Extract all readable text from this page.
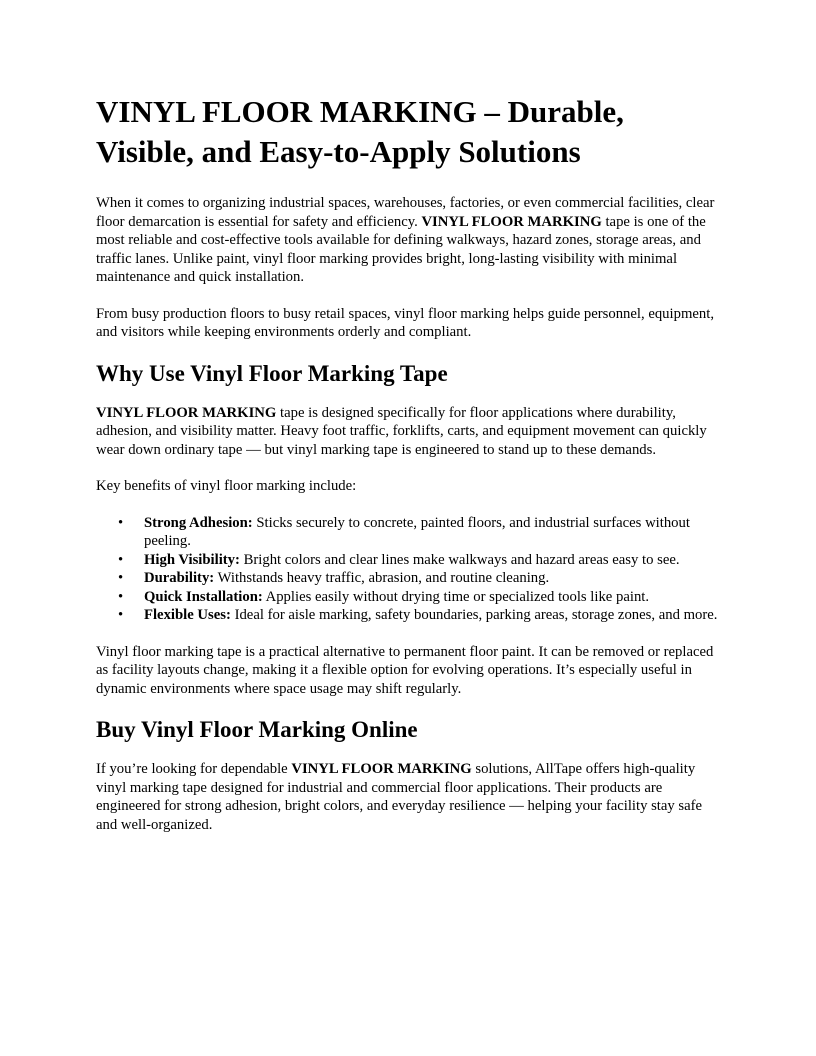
VINYL FLOOR MARKING – Durable, Visible, and Easy-to-Apply Solutions

When it comes to organizing industrial spaces, warehouses, factories, or even commercial facilities, clear floor demarcation is essential for safety and efficiency. VINYL FLOOR MARKING tape is one of the most reliable and cost-effective tools available for defining walkways, hazard zones, storage areas, and traffic lanes. Unlike paint, vinyl floor marking provides bright, long-lasting visibility with minimal maintenance and quick installation.

From busy production floors to busy retail spaces, vinyl floor marking helps guide personnel, equipment, and visitors while keeping environments orderly and compliant.

Why Use Vinyl Floor Marking Tape

VINYL FLOOR MARKING tape is designed specifically for floor applications where durability, adhesion, and visibility matter. Heavy foot traffic, forklifts, carts, and equipment movement can quickly wear down ordinary tape — but vinyl marking tape is engineered to stand up to these demands.

Key benefits of vinyl floor marking include:

• Strong Adhesion: Sticks securely to concrete, painted floors, and industrial surfaces without peeling.
• High Visibility: Bright colors and clear lines make walkways and hazard areas easy to see.
• Durability: Withstands heavy traffic, abrasion, and routine cleaning.
• Quick Installation: Applies easily without drying time or specialized tools like paint.
• Flexible Uses: Ideal for aisle marking, safety boundaries, parking areas, storage zones, and more.

Vinyl floor marking tape is a practical alternative to permanent floor paint. It can be removed or replaced as facility layouts change, making it a flexible option for evolving operations. It’s especially useful in dynamic environments where space usage may shift regularly.

Buy Vinyl Floor Marking Online

If you’re looking for dependable VINYL FLOOR MARKING solutions, AllTape offers high-quality vinyl marking tape designed for industrial and commercial floor applications. Their products are engineered for strong adhesion, bright colors, and everyday resilience — helping your facility stay safe and well-organized.
